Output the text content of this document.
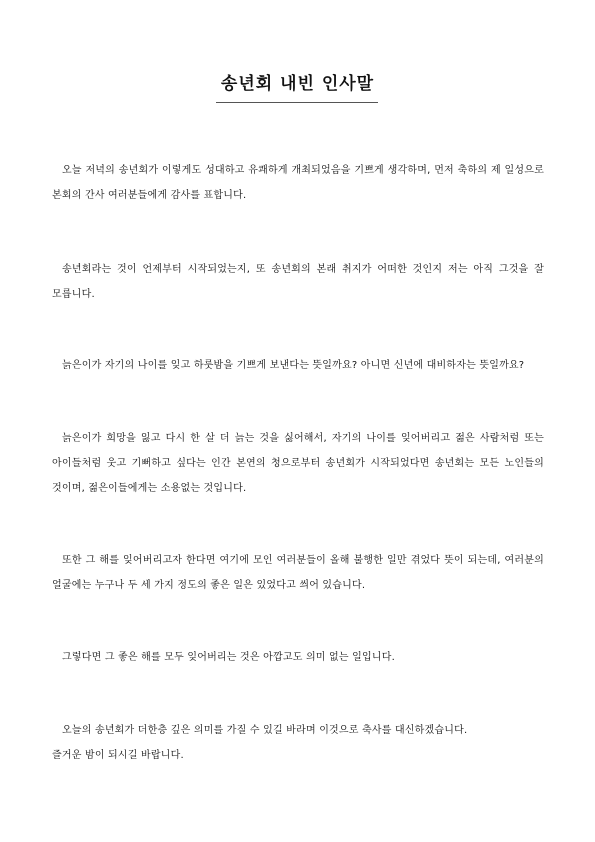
송년회 내빈 인사말

오늘 저녁의 송년회가 이렇게도 성대하고 유쾌하게 개최되었음을 기쁘게 생각하며, 먼저 축하의 제 일성으로 본회의 간사 여러분들에게 감사를 표합니다.

송년회라는 것이 언제부터 시작되었는지, 또 송년회의 본래 취지가 어떠한 것인지 저는 아직 그것을 잘 모릅니다.

늙은이가 자기의 나이를 잊고 하룻밤을 기쁘게 보낸다는 뜻일까요? 아니면 신년에 대비하자는 뜻일까요?

늙은이가 희망을 잃고 다시 한 살 더 늙는 것을 싫어해서, 자기의 나이를 잊어버리고 젊은 사람처럼 또는 아이들처럼 웃고 기뻐하고 싶다는 인간 본연의 청으로부터 송년회가 시작되었다면 송년회는 모든 노인들의 것이며, 젊은이들에게는 소용없는 것입니다.

또한 그 해를 잊어버리고자 한다면 여기에 모인 여러분들이 올해 불행한 일만 겪었다 뜻이 되는데, 여러분의 얼굴에는 누구나 두 세 가지 정도의 좋은 일은 있었다고 씌어 있습니다.

그렇다면 그 좋은 해를 모두 잊어버리는 것은 아깝고도 의미 없는 일입니다.

오늘의 송년회가 더한층 깊은 의미를 가질 수 있길 바라며 이것으로 축사를 대신하겠습니다.
즐거운 밤이 되시길 바랍니다.
